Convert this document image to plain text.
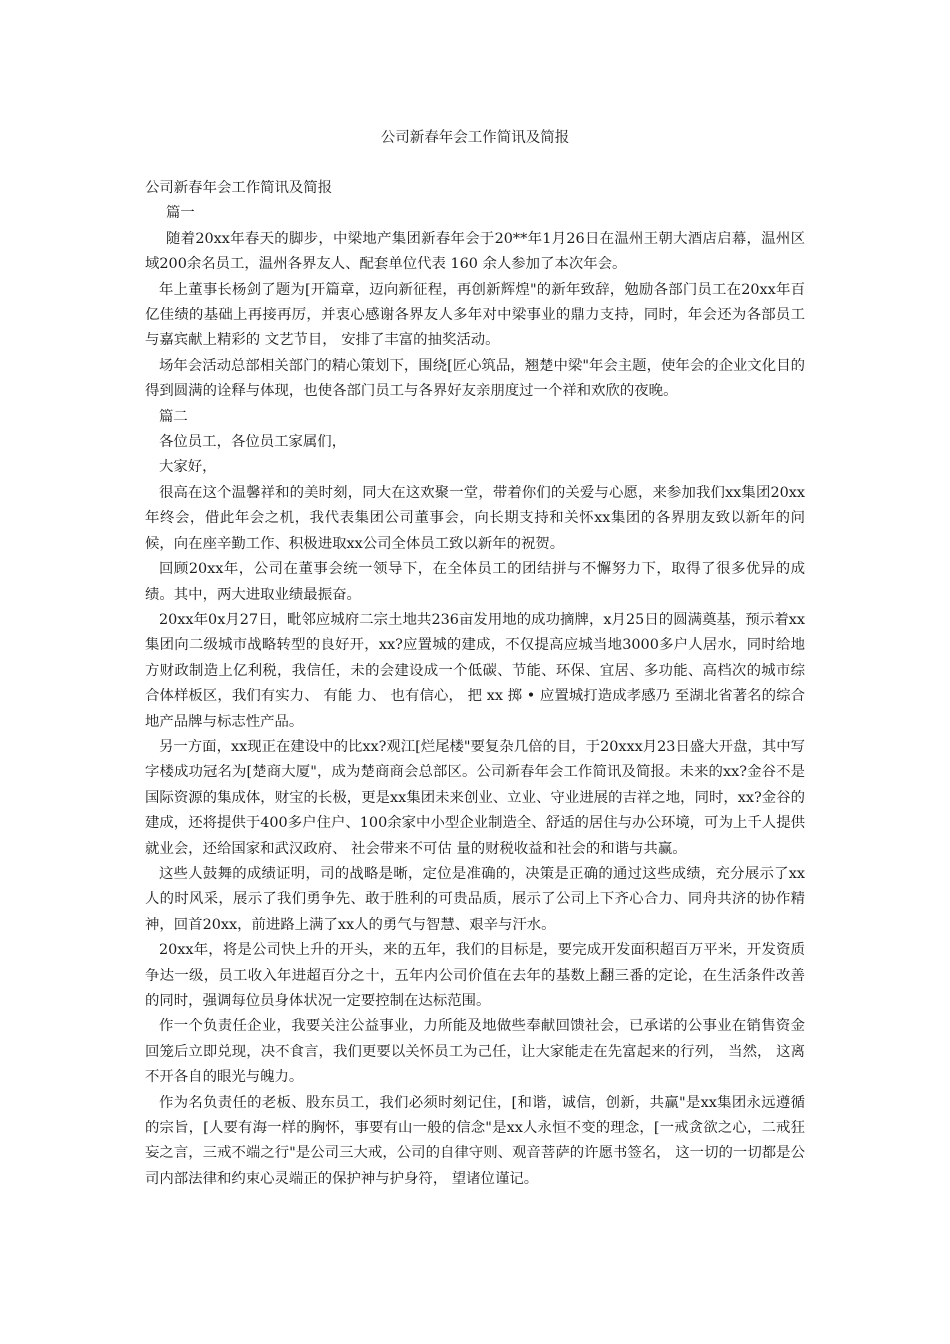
公司新春年会工作简讯及简报

公司新春年会工作简讯及简报

篇一

随着20xx年春天的脚步，中梁地产集团新春年会于20**年1月26日在温州王朝大酒店启幕，温州区域200余名员工，温州各界友人、配套单位代表 160 余人参加了本次年会。

年上董事长杨剑了题为[开篇章，迈向新征程，再创新辉煌"的新年致辞，勉励各部门员工在20xx年百亿佳绩的基础上再接再厉，并衷心感谢各界友人多年对中梁事业的鼎力支持，同时，年会还为各部员工与嘉宾献上精彩的 文艺节目， 安排了丰富的抽奖活动。

场年会活动总部相关部门的精心策划下，围绕[匠心筑品，翘楚中梁"年会主题，使年会的企业文化目的得到圆满的诠释与体现，也使各部门员工与各界好友亲朋度过一个祥和欢欣的夜晚。

篇二

各位员工，各位员工家属们，

大家好，

很高在这个温馨祥和的美时刻，同大在这欢聚一堂，带着你们的关爱与心愿，来参加我们xx集团20xx年终会，借此年会之机，我代表集团公司董事会，向长期支持和关怀xx集团的各界朋友致以新年的问候，向在座辛勤工作、积极进取xx公司全体员工致以新年的祝贺。

回顾20xx年，公司在董事会统一领导下，在全体员工的团结拼与不懈努力下，取得了很多优异的成绩。其中，两大进取业绩最振奋。

20xx年0x月27日，毗邻应城府二宗土地共236亩发用地的成功摘牌，x月25日的圆满奠基，预示着xx集团向二级城市战略转型的良好开，xx?应置城的建成，不仅提高应城当地3000多户人居水，同时给地方财政制造上亿利税，我信任，未的会建设成一个低碳、节能、环保、宜居、多功能、高档次的城市综合体样板区，我们有实力、 有能 力、 也有信心， 把 xx 掷 • 应置城打造成孝感乃 至湖北省著名的综合地产品牌与标志性产品。

另一方面，xx现正在建设中的比xx?观江[烂尾楼"要复杂几倍的目，于20xxx月23日盛大开盘，其中写字楼成功冠名为[楚商大厦"，成为楚商商会总部区。公司新春年会工作简讯及简报。未来的xx?金谷不是国际资源的集成体，财宝的长极，更是xx集团未来创业、立业、守业进展的吉祥之地，同时，xx?金谷的建成，还将提供于400多户住户、100余家中小型企业制造全、舒适的居住与办公环境，可为上千人提供就业会，还给国家和武汉政府、 社会带来不可估 量的财税收益和社会的和谐与共赢。

这些人鼓舞的成绩证明，司的战略是晰，定位是准确的，决策是正确的通过这些成绩，充分展示了xx人的时风采，展示了我们勇争先、敢于胜利的可贵品质，展示了公司上下齐心合力、同舟共济的协作精神，回首20xx，前进路上满了xx人的勇气与智慧、艰辛与汗水。

20xx年，将是公司快上升的开头，来的五年，我们的目标是，要完成开发面积超百万平米，开发资质争达一级，员工收入年进超百分之十，五年内公司价值在去年的基数上翻三番的定论，在生活条件改善的同时，强调每位员身体状况一定要控制在达标范围。

作一个负责任企业，我要关注公益事业，力所能及地做些奉献回馈社会，已承诺的公事业在销售资金回笼后立即兑现，决不食言，我们更要以关怀员工为己任，让大家能走在先富起来的行列， 当然， 这离不开各自的眼光与魄力。

作为名负责任的老板、股东员工，我们必须时刻记住，[和谐，诚信，创新，共赢"是xx集团永远遵循的宗旨，[人要有海一样的胸怀，事要有山一般的信念"是xx人永恒不变的理念，[一戒贪欲之心，二戒狂妄之言，三戒不端之行"是公司三大戒，公司的自律守则、观音菩萨的许愿书签名， 这一切的一切都是公司内部法律和约束心灵端正的保护神与护身符， 望诸位谨记。
